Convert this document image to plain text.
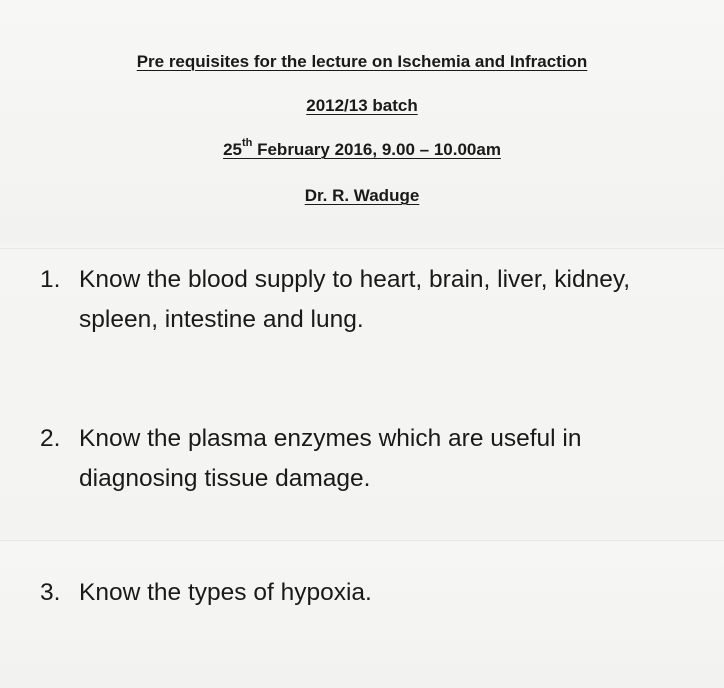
Pre requisites for the lecture on Ischemia and Infraction
2012/13 batch
25th February 2016, 9.00 – 10.00am
Dr. R. Waduge
1. Know the blood supply to heart, brain, liver, kidney, spleen, intestine and lung.
2. Know the plasma enzymes which are useful in diagnosing tissue damage.
3. Know the types of hypoxia.
